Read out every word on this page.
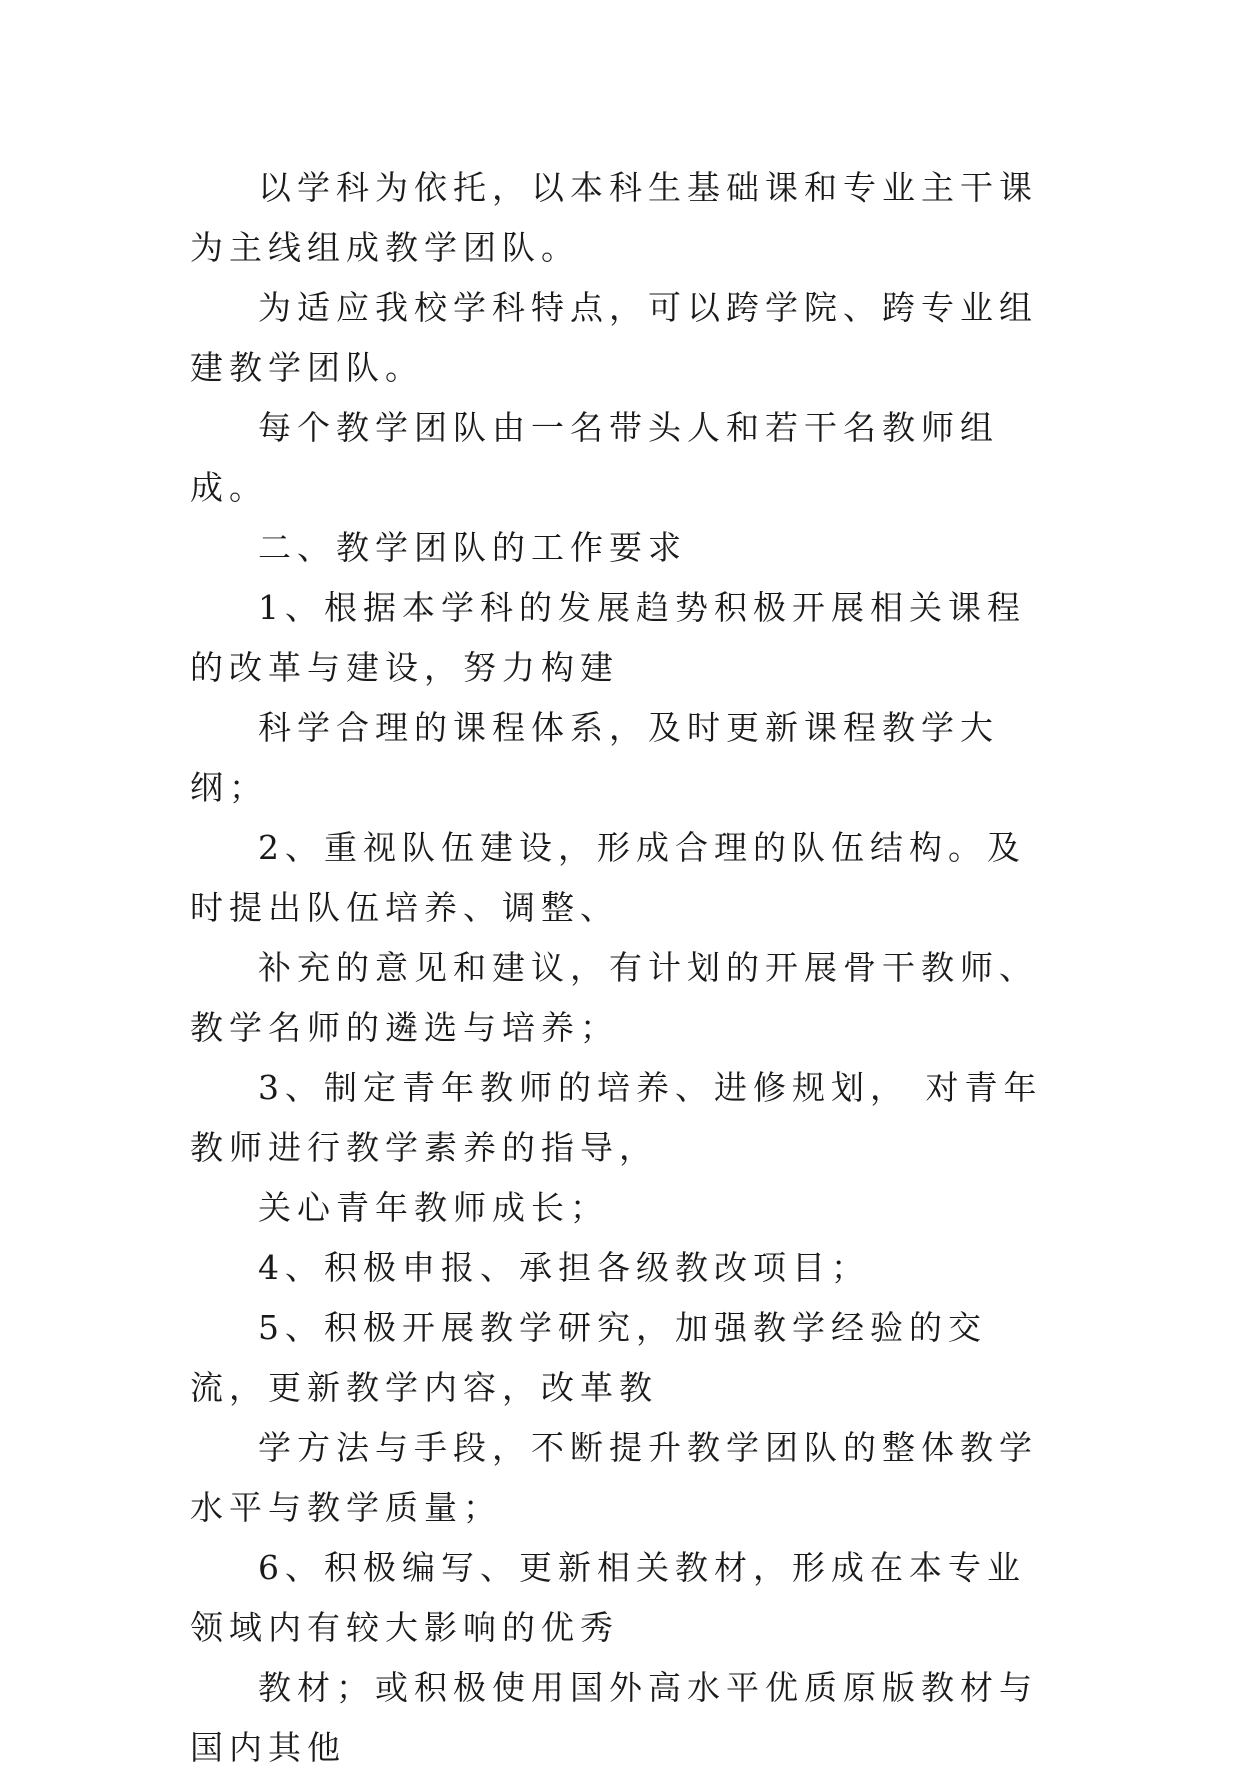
以学科为依托，以本科生基础课和专业主干课为主线组成教学团队。

为适应我校学科特点，可以跨学院、跨专业组建教学团队。

每个教学团队由一名带头人和若干名教师组成。

二、教学团队的工作要求

1、根据本学科的发展趋势积极开展相关课程的改革与建设，努力构建

科学合理的课程体系，及时更新课程教学大纲；

2、重视队伍建设，形成合理的队伍结构。及时提出队伍培养、调整、

补充的意见和建议，有计划的开展骨干教师、教学名师的遴选与培养；

3、制定青年教师的培养、进修规划， 对青年教师进行教学素养的指导，

关心青年教师成长；

4、积极申报、承担各级教改项目；

5、积极开展教学研究，加强教学经验的交流，更新教学内容，改革教

学方法与手段，不断提升教学团队的整体教学水平与教学质量；

6、积极编写、更新相关教材，形成在本专业领域内有较大影响的优秀

教材；或积极使用国外高水平优质原版教材与国内其他
